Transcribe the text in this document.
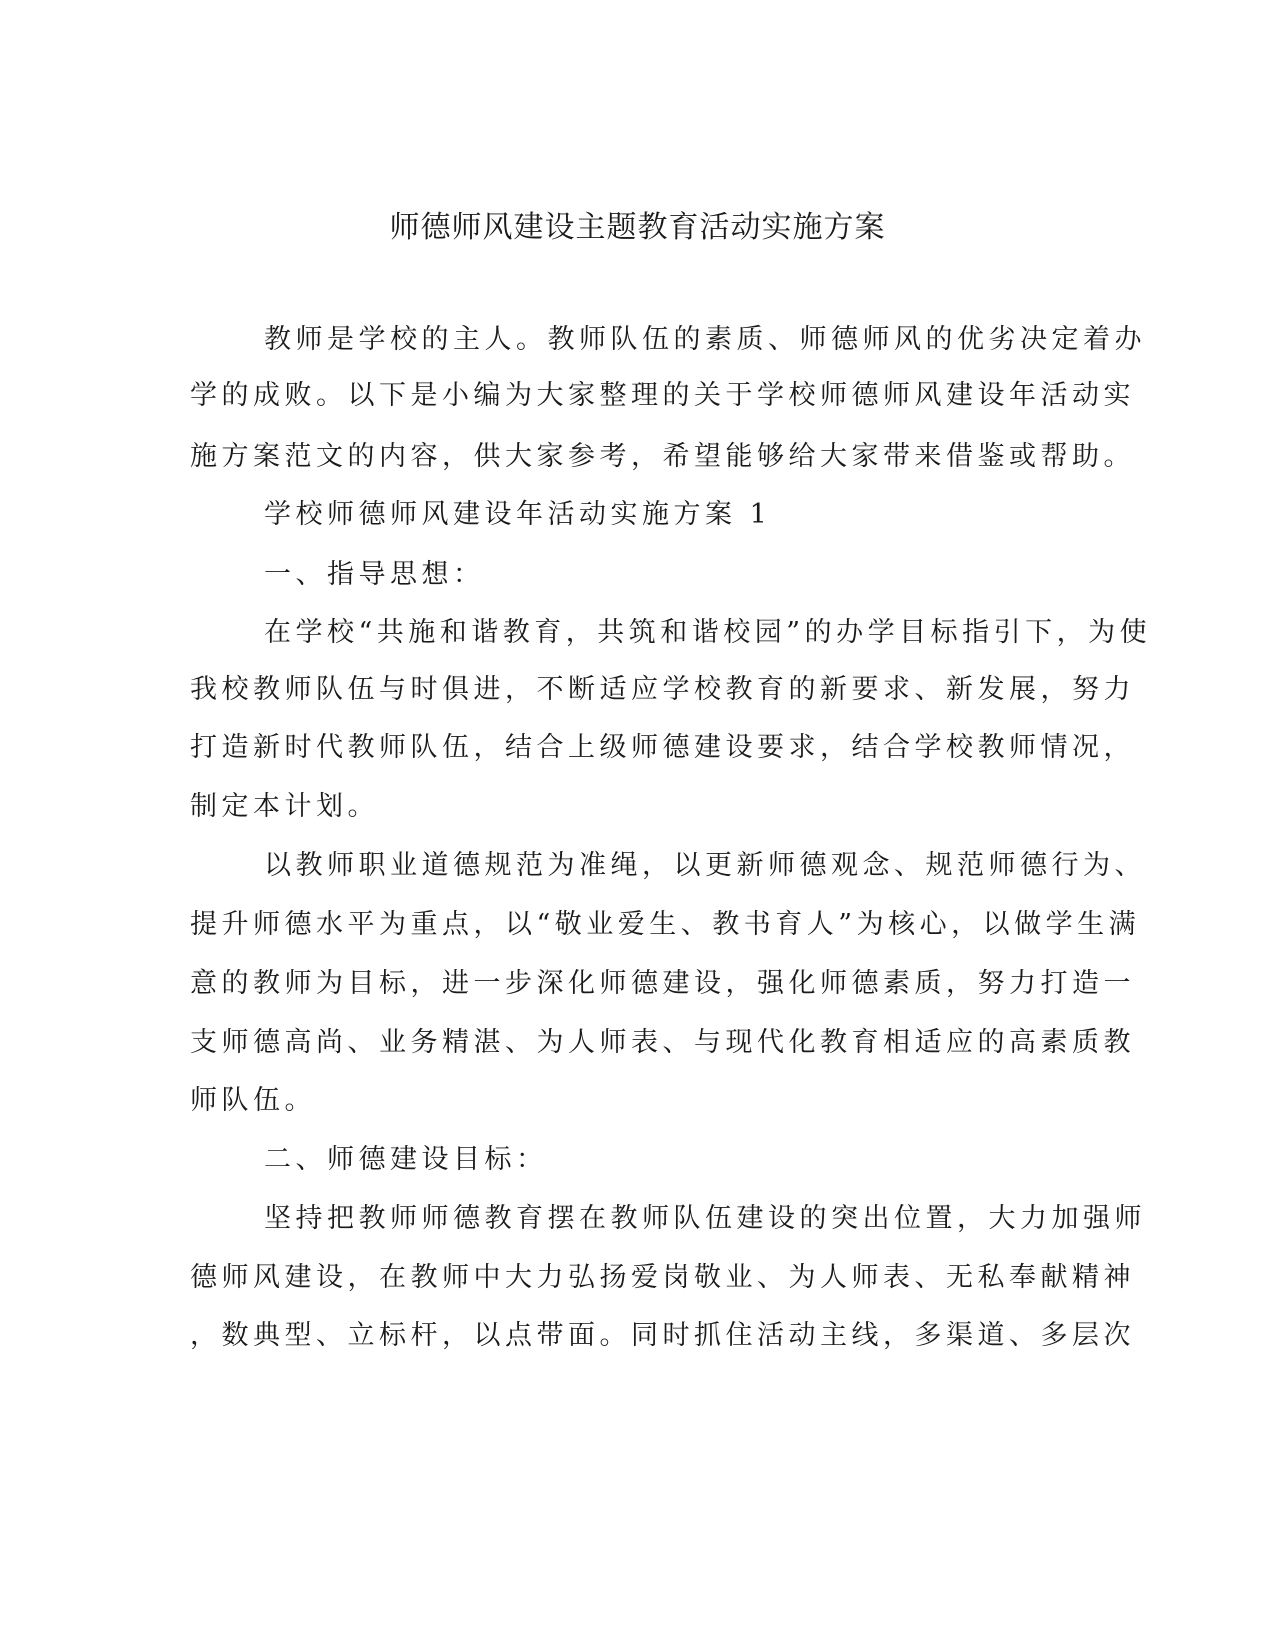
师德师风建设主题教育活动实施方案
教师是学校的主人。教师队伍的素质、师德师风的优劣决定着办
学的成败。以下是小编为大家整理的关于学校师德师风建设年活动实
施方案范文的内容，供大家参考，希望能够给大家带来借鉴或帮助。
学校师德师风建设年活动实施方案 1
一、指导思想：
在学校“共施和谐教育，共筑和谐校园”的办学目标指引下，为使
我校教师队伍与时俱进，不断适应学校教育的新要求、新发展，努力
打造新时代教师队伍，结合上级师德建设要求，结合学校教师情况，
制定本计划。
以教师职业道德规范为准绳，以更新师德观念、规范师德行为、
提升师德水平为重点，以“敬业爱生、教书育人”为核心，以做学生满
意的教师为目标，进一步深化师德建设，强化师德素质，努力打造一
支师德高尚、业务精湛、为人师表、与现代化教育相适应的高素质教
师队伍。
二、师德建设目标：
坚持把教师师德教育摆在教师队伍建设的突出位置，大力加强师
德师风建设，在教师中大力弘扬爱岗敬业、为人师表、无私奉献精神
，数典型、立标杆，以点带面。同时抓住活动主线，多渠道、多层次
